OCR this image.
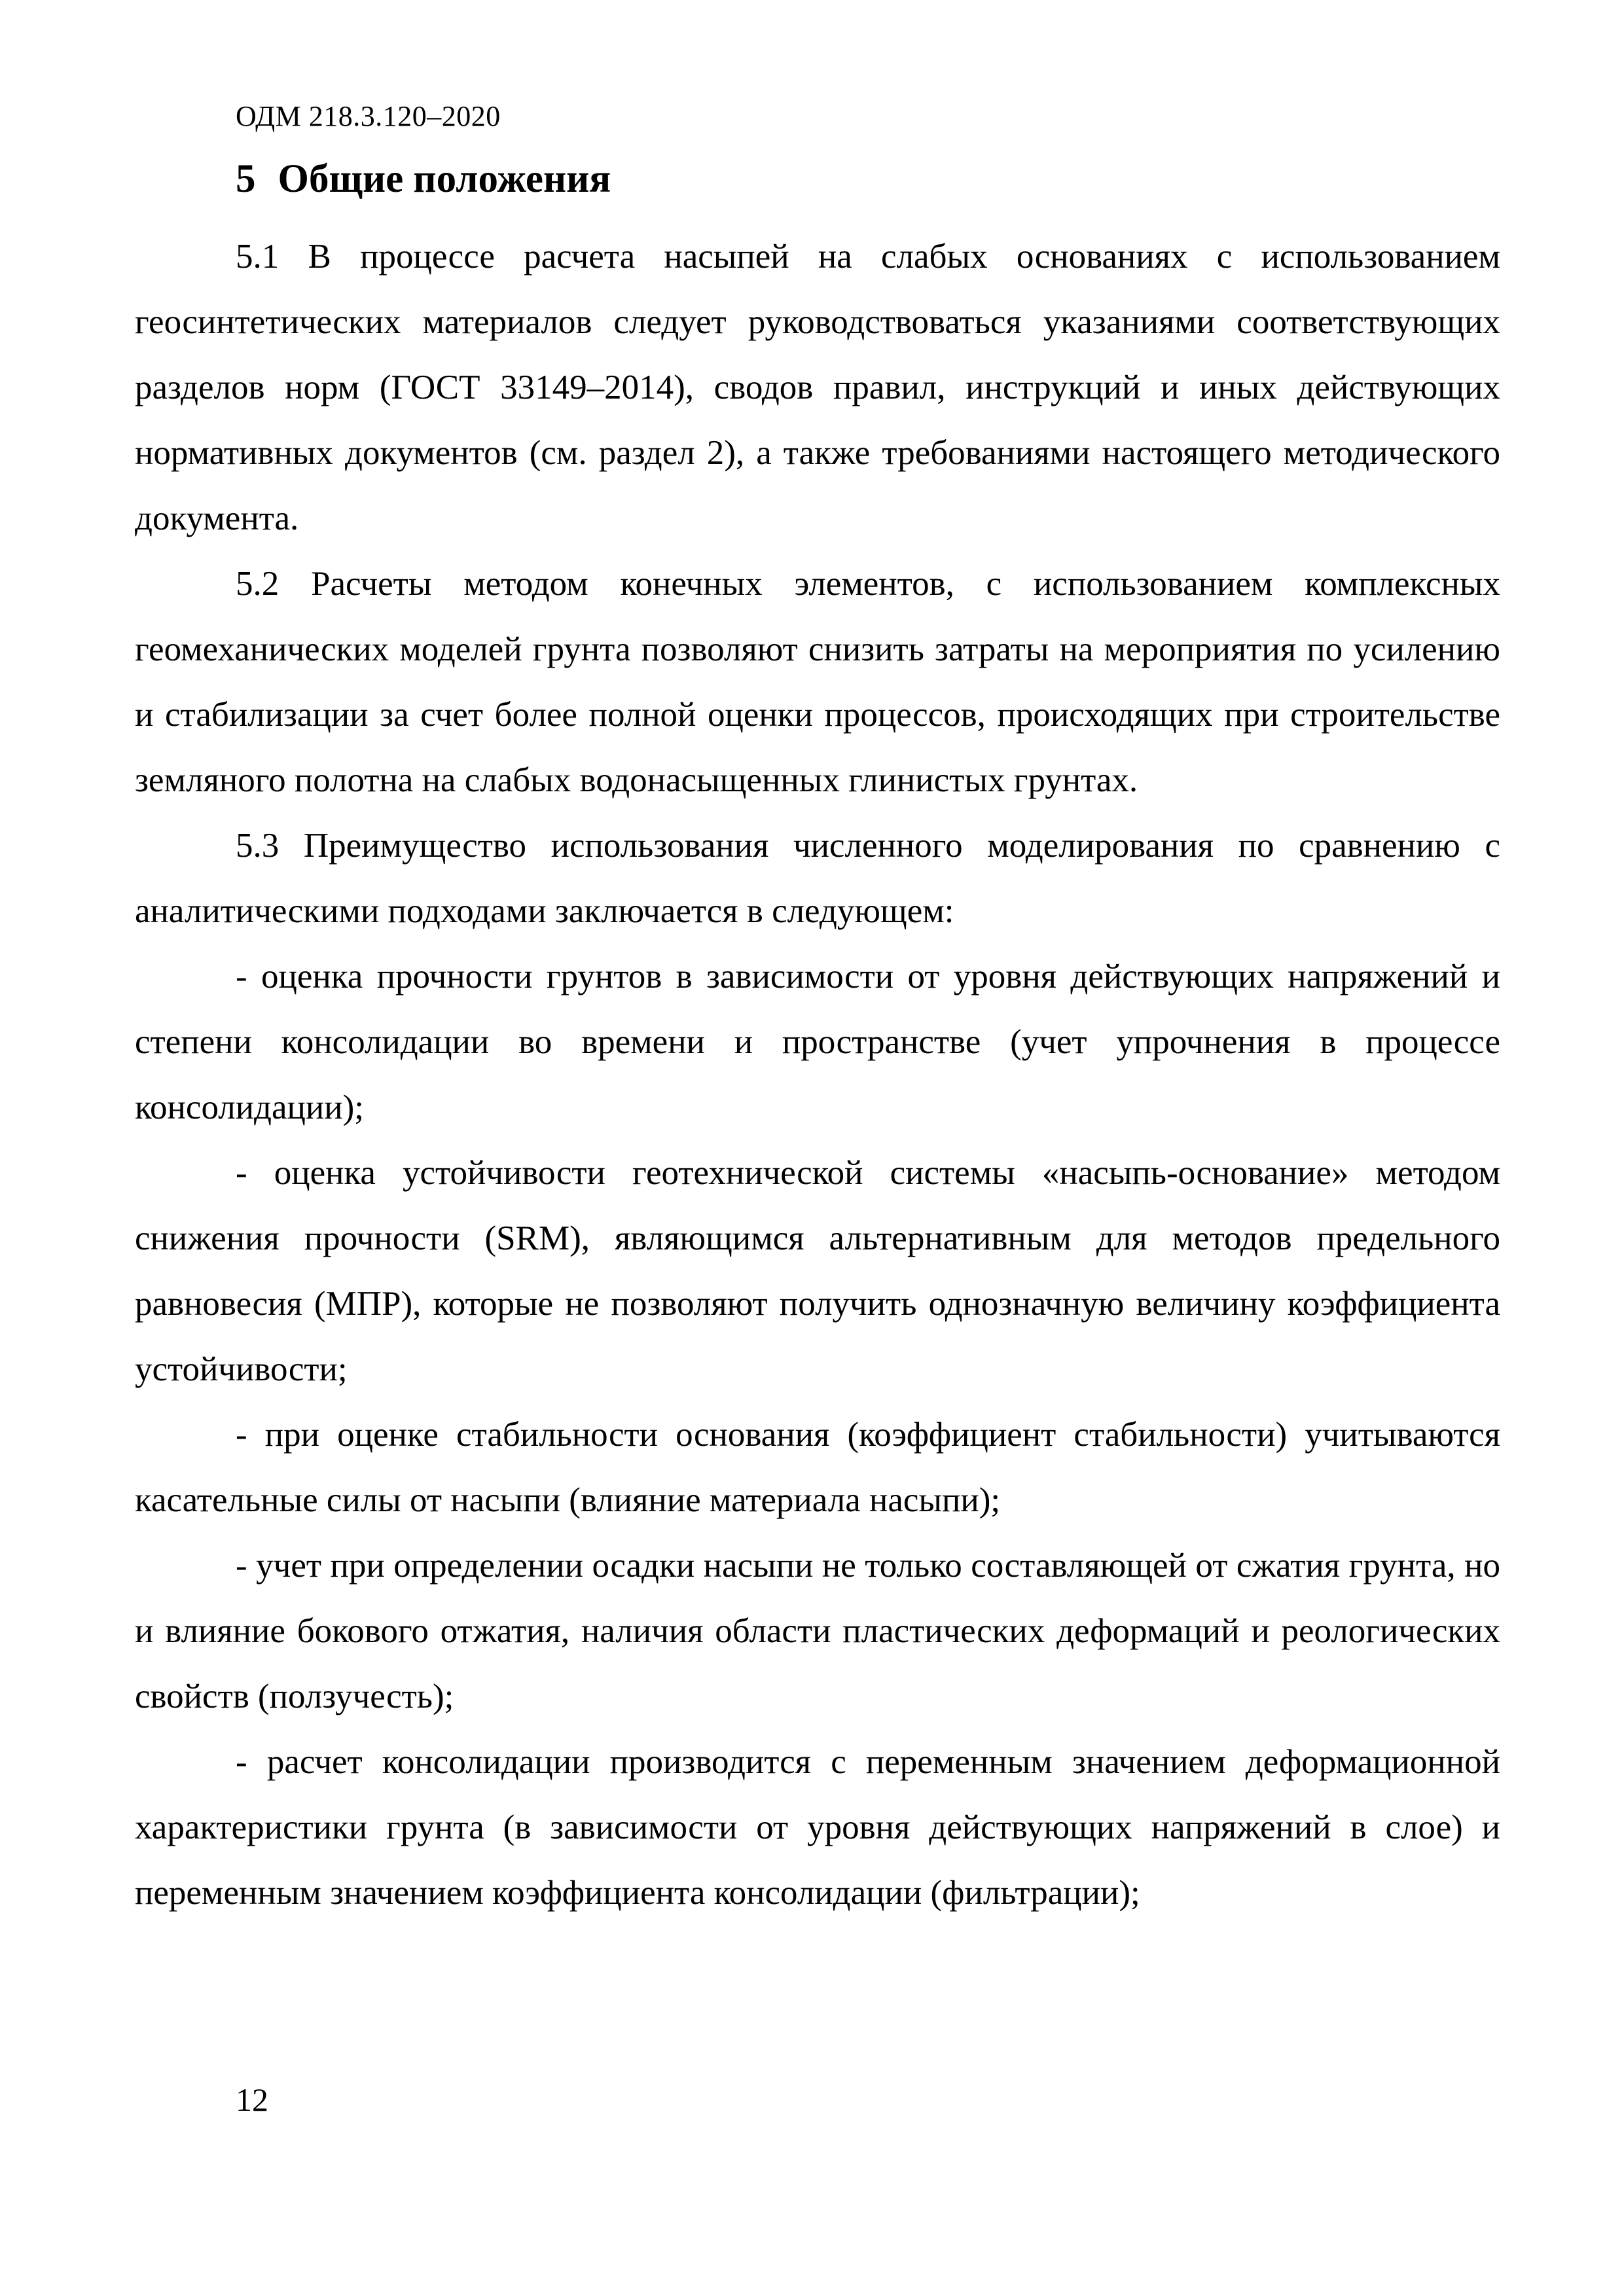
ОДМ 218.3.120–2020
5 Общие положения

5.1 В процессе расчета насыпей на слабых основаниях с использованием геосинтетических материалов следует руководствоваться указаниями соответствующих разделов норм (ГОСТ 33149–2014), сводов правил, инструкций и иных действующих нормативных документов (см. раздел 2), а также требованиями настоящего методического документа.

5.2 Расчеты методом конечных элементов, с использованием комплексных геомеханических моделей грунта позволяют снизить затраты на мероприятия по усилению и стабилизации за счет более полной оценки процессов, происходящих при строительстве земляного полотна на слабых водонасыщенных глинистых грунтах.

5.3 Преимущество использования численного моделирования по сравнению с аналитическими подходами заключается в следующем:

- оценка прочности грунтов в зависимости от уровня действующих напряжений и степени консолидации во времени и пространстве (учет упрочнения в процессе консолидации);

- оценка устойчивости геотехнической системы «насыпь-основание» методом снижения прочности (SRM), являющимся альтернативным для методов предельного равновесия (МПР), которые не позволяют получить однозначную величину коэффициента устойчивости;

- при оценке стабильности основания (коэффициент стабильности) учитываются касательные силы от насыпи (влияние материала насыпи);

- учет при определении осадки насыпи не только составляющей от сжатия грунта, но и влияние бокового отжатия, наличия области пластических деформаций и реологических свойств (ползучесть);

- расчет консолидации производится с переменным значением деформационной характеристики грунта (в зависимости от уровня действующих напряжений в слое) и переменным значением коэффициента консолидации (фильтрации);

12
